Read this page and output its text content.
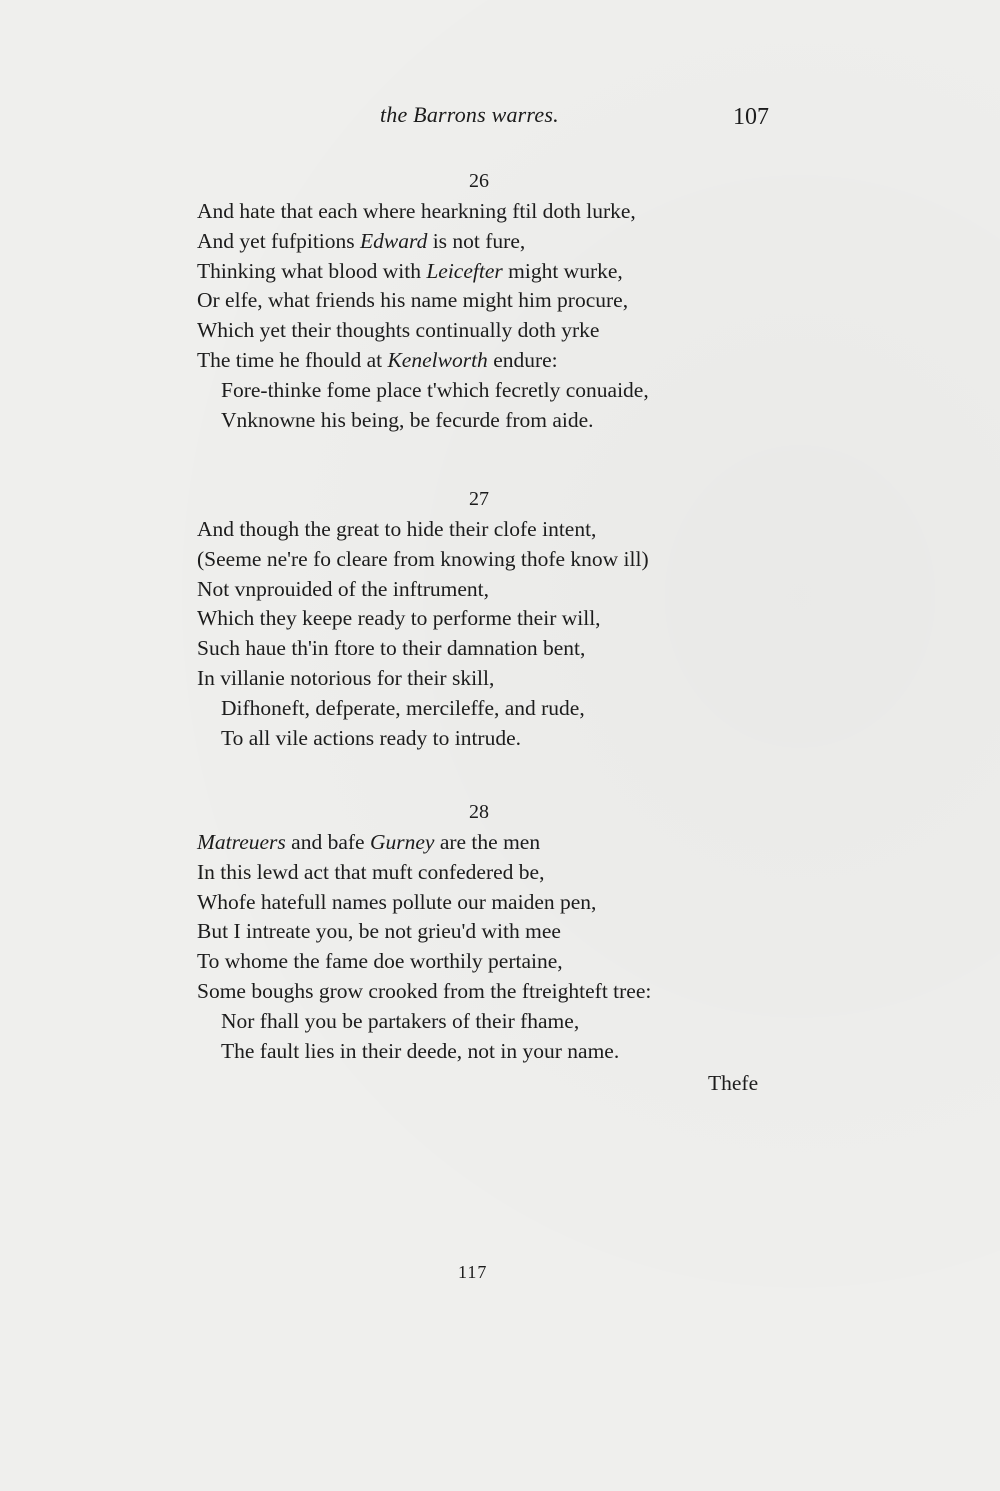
the Barrons warres.	107
26
And hate that each where hearkning ftil doth lurke,
And yet fufpitions Edward is not fure,
Thinking what blood with Leicefter might wurke,
Or elfe, what friends his name might him procure,
Which yet their thoughts continually doth yrke
The time he fhould at Kenelworth endure:
Fore-thinke fome place t'which fecretly conuaide,
Vnknowne his being, be fecurde from aide.
27
And though the great to hide their clofe intent,
(Seeme ne're fo cleare from knowing thofe know ill)
Not vnprouided of the inftrument,
Which they keepe ready to performe their will,
Such haue th'in ftore to their damnation bent,
In villanie notorious for their skill,
Difhoneft, defperate, mercileffe, and rude,
To all vile actions ready to intrude.
28
Matreuers and bafe Gurney are the men
In this lewd act that muft confedered be,
Whofe hatefull names pollute our maiden pen,
But I intreate you, be not grieu'd with mee
To whome the fame doe worthily pertaine,
Some boughs grow crooked from the ftreighteft tree:
Nor fhall you be partakers of their fhame,
The fault lies in their deede, not in your name.
Thefe
117
